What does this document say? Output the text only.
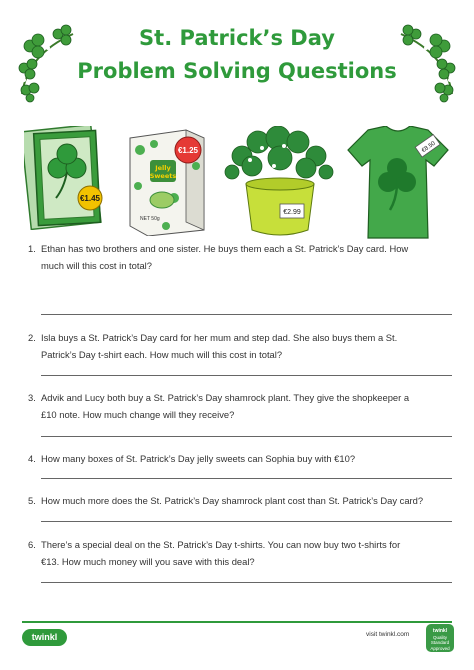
St. Patrick’s Day
Problem Solving Questions
€1.45
Jelly
Sweets
€1.25
NET 50g
€2.99
€8.50
1. Ethan has two brothers and one sister. He buys them each a St. Patrick’s Day card. How
much will this cost in total?
2. Isla buys a St. Patrick’s Day card for her mum and step dad. She also buys them a St.
Patrick’s Day t-shirt each. How much will this cost in total?
3. Advik and Lucy both buy a St. Patrick’s Day shamrock plant. They give the shopkeeper a
£10 note. How much change will they receive?
4. How many boxes of St. Patrick’s Day jelly sweets can Sophia buy with €10?
5. How much more does the St. Patrick’s Day shamrock plant cost than St. Patrick’s Day card?
6. There’s a special deal on the St. Patrick’s Day t-shirts. You can now buy two t-shirts for
€13. How much money will you save with this deal?
twinkl	visit twinkl.com	twinkl
Quality
Standard
Approved
